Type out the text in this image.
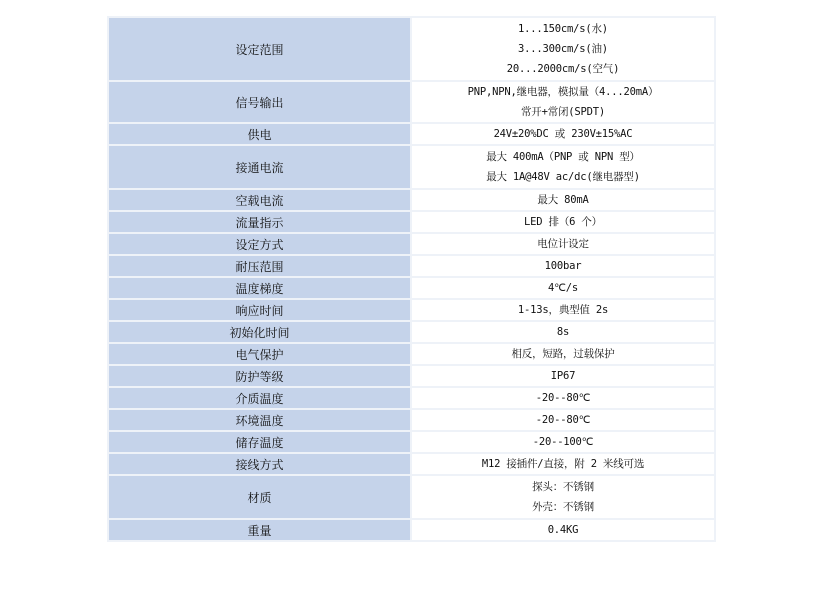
设定范围	1...150cm/s(水)
3...300cm/s(油)
20...2000cm/s(空气)

信号输出	PNP,NPN,继电器，模拟量（4...20mA）
常开+常闭(SPDT)

供电	24V±20%DC 或 230V±15%AC

接通电流	最大 400mA（PNP 或 NPN 型）
最大 1A@48V ac/dc(继电器型)

空载电流	最大 80mA

流量指示	LED 排（6 个）

设定方式	电位计设定

耐压范围	100bar

温度梯度	4℃/s

响应时间	1-13s，典型值 2s

初始化时间	8s

电气保护	相反，短路，过载保护

防护等级	IP67

介质温度	-20--80℃

环境温度	-20--80℃

储存温度	-20--100℃

接线方式	M12 接插件/直接，附 2 米线可选

材质	探头：不锈钢
外壳：不锈钢

重量	0.4KG
